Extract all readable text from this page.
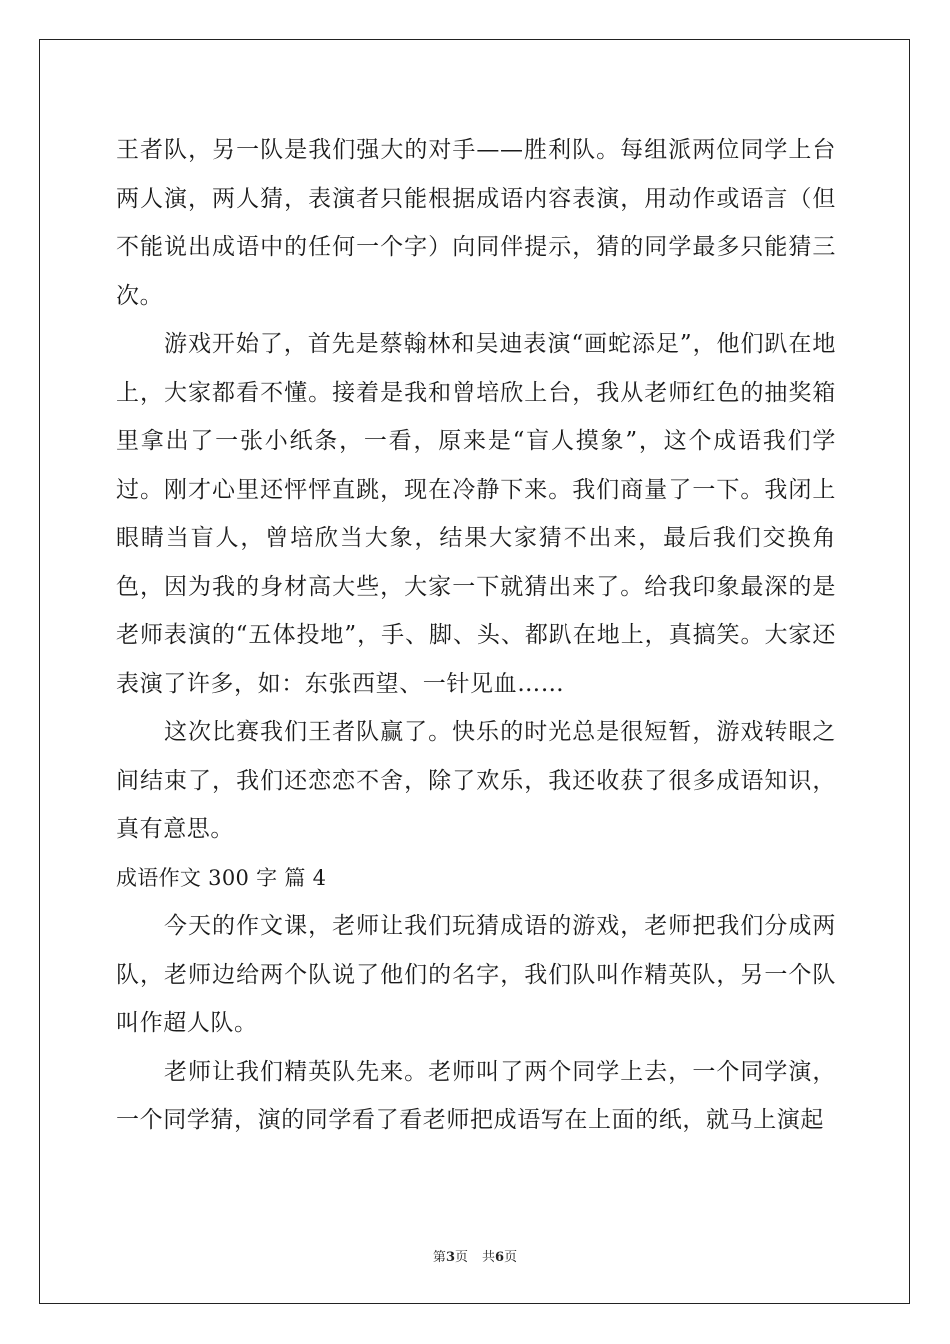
王者队，另一队是我们强大的对手——胜利队。每组派两位同学上台两人演，两人猜，表演者只能根据成语内容表演，用动作或语言（但不能说出成语中的任何一个字）向同伴提示，猜的同学最多只能猜三次。

游戏开始了，首先是蔡翰林和吴迪表演“画蛇添足”，他们趴在地上，大家都看不懂。接着是我和曾培欣上台，我从老师红色的抽奖箱里拿出了一张小纸条，一看，原来是“盲人摸象”，这个成语我们学过。刚才心里还怦怦直跳，现在冷静下来。我们商量了一下。我闭上眼睛当盲人，曾培欣当大象，结果大家猜不出来，最后我们交换角色，因为我的身材高大些，大家一下就猜出来了。给我印象最深的是老师表演的“五体投地”，手、脚、头、都趴在地上，真搞笑。大家还表演了许多，如：东张西望、一针见血……

这次比赛我们王者队赢了。快乐的时光总是很短暂，游戏转眼之间结束了，我们还恋恋不舍，除了欢乐，我还收获了很多成语知识，真有意思。

成语作文 300 字 篇 4

今天的作文课，老师让我们玩猜成语的游戏，老师把我们分成两队，老师边给两个队说了他们的名字，我们队叫作精英队，另一个队叫作超人队。

老师让我们精英队先来。老师叫了两个同学上去，一个同学演，一个同学猜，演的同学看了看老师把成语写在上面的纸，就马上演起

第3页 共6页
